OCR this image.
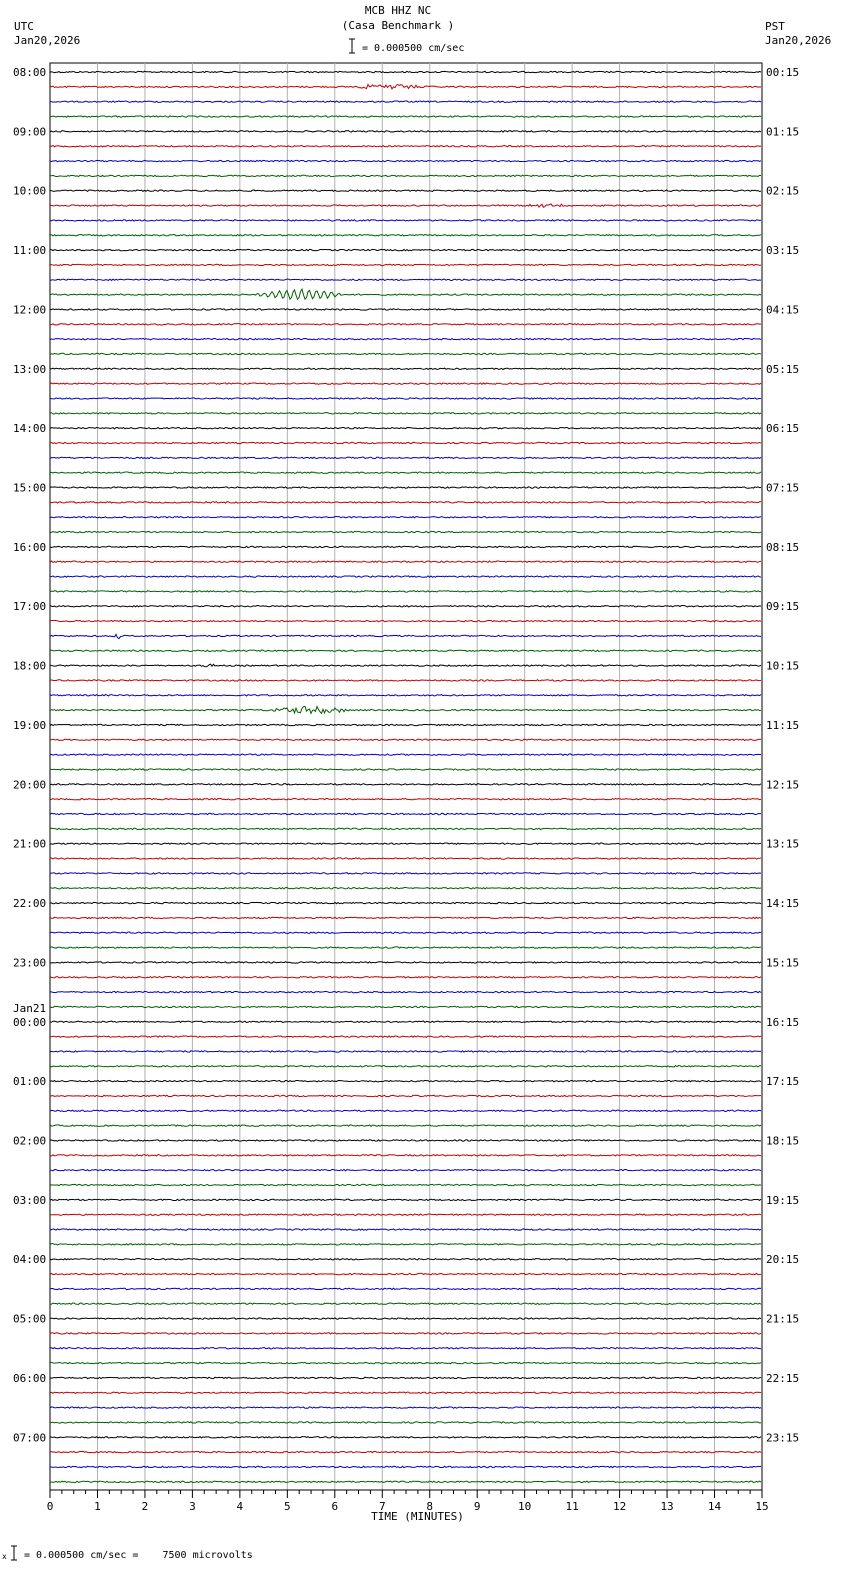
0	1	2	3	4	5	6	7	8	9	10	11	12	13	14	15
08:00
09:00
10:00
11:00
12:00
13:00
14:00
15:00
16:00
17:00
18:00
19:00
20:00
21:00
22:00
23:00
00:00
Jan21
01:00
02:00
03:00
04:00
05:00
06:00
07:00
00:15
01:15
02:15
03:15
04:15
05:15
06:15
07:15
08:15
09:15
10:15
11:15
12:15
13:15
14:15
15:15
16:15
17:15
18:15
19:15
20:15
21:15
22:15
23:15
MCB HHZ NC
(Casa Benchmark )

= 0.000500 cm/sec
UTC
Jan20,2026
PST
Jan20,2026
TIME (MINUTES)
x

= 0.000500 cm/sec =    7500 microvolts
